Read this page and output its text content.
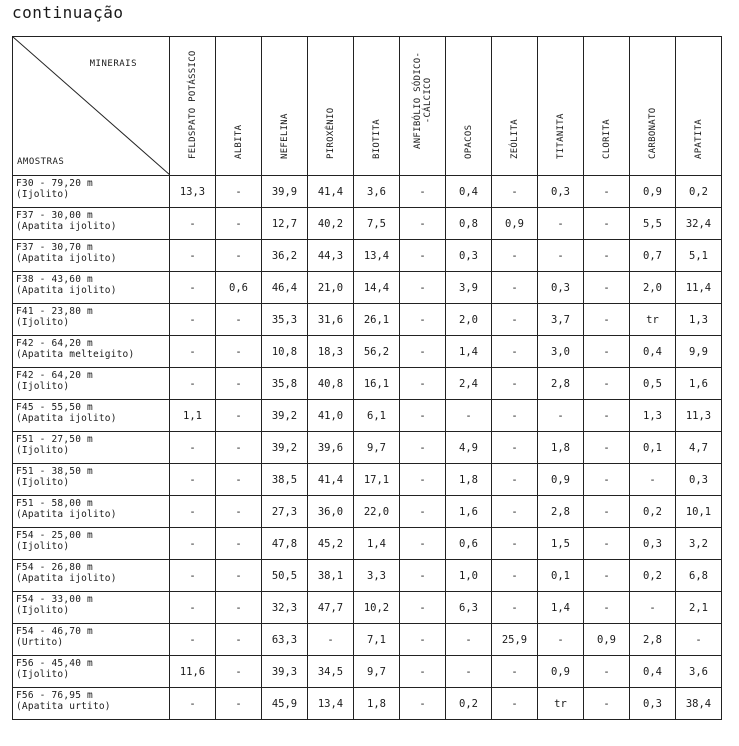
continuação
MINERAIS
AMOSTRAS	FELDSPATO POTÁSSICO	ALBITA	NEFELINA	PIROXÊNIO	BIOTITA	ANFIBÓLIO SÓDICO-
-CÁLCICO	OPACOS	ZEÓLITA	TITANITA	CLORITA	CARBONATO	APATITA

F30 - 79,20 m
(Ijolito)	13,3	-	39,9	41,4	3,6	-	0,4	-	0,3	-	0,9	0,2

F37 - 30,00 m
(Apatita ijolito)	-	-	12,7	40,2	7,5	-	0,8	0,9	-	-	5,5	32,4

F37 - 30,70 m
(Apatita ijolito)	-	-	36,2	44,3	13,4	-	0,3	-	-	-	0,7	5,1

F38 - 43,60 m
(Apatita ijolito)	-	0,6	46,4	21,0	14,4	-	3,9	-	0,3	-	2,0	11,4

F41 - 23,80 m
(Ijolito)	-	-	35,3	31,6	26,1	-	2,0	-	3,7	-	tr	1,3

F42 - 64,20 m
(Apatita melteigito)	-	-	10,8	18,3	56,2	-	1,4	-	3,0	-	0,4	9,9

F42 - 64,20 m
(Ijolito)	-	-	35,8	40,8	16,1	-	2,4	-	2,8	-	0,5	1,6

F45 - 55,50 m
(Apatita ijolito)	1,1	-	39,2	41,0	6,1	-	-	-	-	-	1,3	11,3

F51 - 27,50 m
(Ijolito)	-	-	39,2	39,6	9,7	-	4,9	-	1,8	-	0,1	4,7

F51 - 38,50 m
(Ijolito)	-	-	38,5	41,4	17,1	-	1,8	-	0,9	-	-	0,3

F51 - 58,00 m
(Apatita ijolito)	-	-	27,3	36,0	22,0	-	1,6	-	2,8	-	0,2	10,1

F54 - 25,00 m
(Ijolito)	-	-	47,8	45,2	1,4	-	0,6	-	1,5	-	0,3	3,2

F54 - 26,80 m
(Apatita ijolito)	-	-	50,5	38,1	3,3	-	1,0	-	0,1	-	0,2	6,8

F54 - 33,00 m
(Ijolito)	-	-	32,3	47,7	10,2	-	6,3	-	1,4	-	-	2,1

F54 - 46,70 m
(Urtito)	-	-	63,3	-	7,1	-	-	25,9	-	0,9	2,8	-

F56 - 45,40 m
(Ijolito)	11,6	-	39,3	34,5	9,7	-	-	-	0,9	-	0,4	3,6

F56 - 76,95 m
(Apatita urtito)	-	-	45,9	13,4	1,8	-	0,2	-	tr	-	0,3	38,4
